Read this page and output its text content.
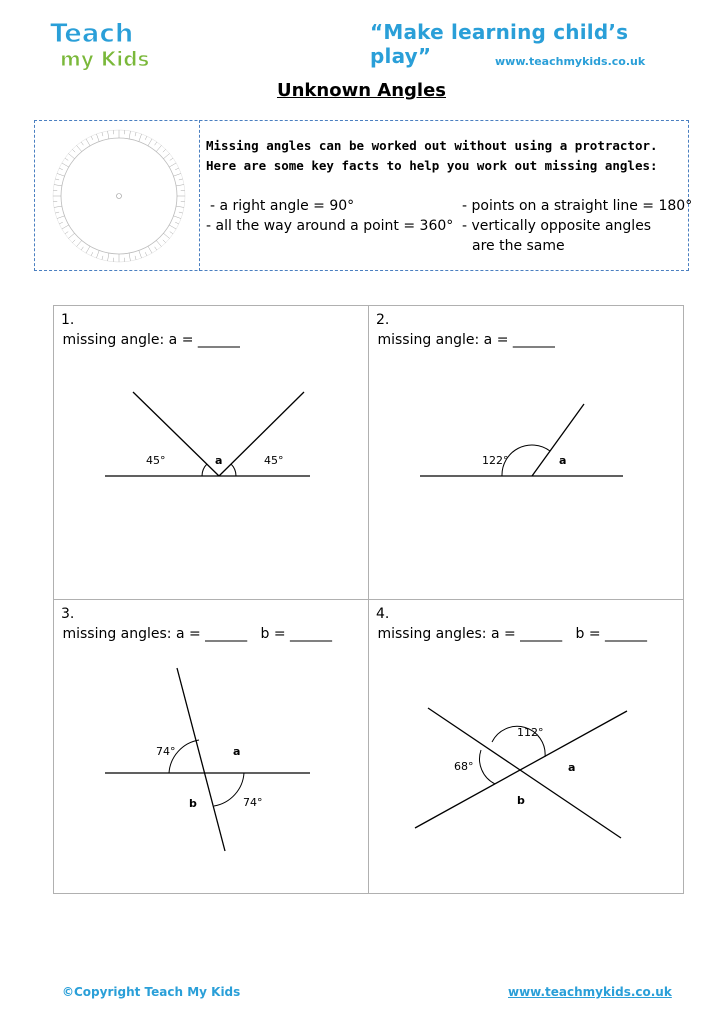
Teach
my Kids
“Make learning child’s play”	www.teachmykids.co.uk
Unknown Angles
Missing angles can be worked out without using a protractor.
Here are some key facts to help you work out missing angles:
- a right angle = 90°
- all the way around a point = 360°
- points on a straight line = 180°
- vertically opposite angles
are the same
1.
missing angle: a = ______
45°	a	45°
2.
missing angle: a = ______
122°	a
3.
missing angles: a = ______   b = ______
74°	a
b	74°
4.
missing angles: a = ______   b = ______
112°
68°	a
b
©Copyright Teach My Kids	www.teachmykids.co.uk
